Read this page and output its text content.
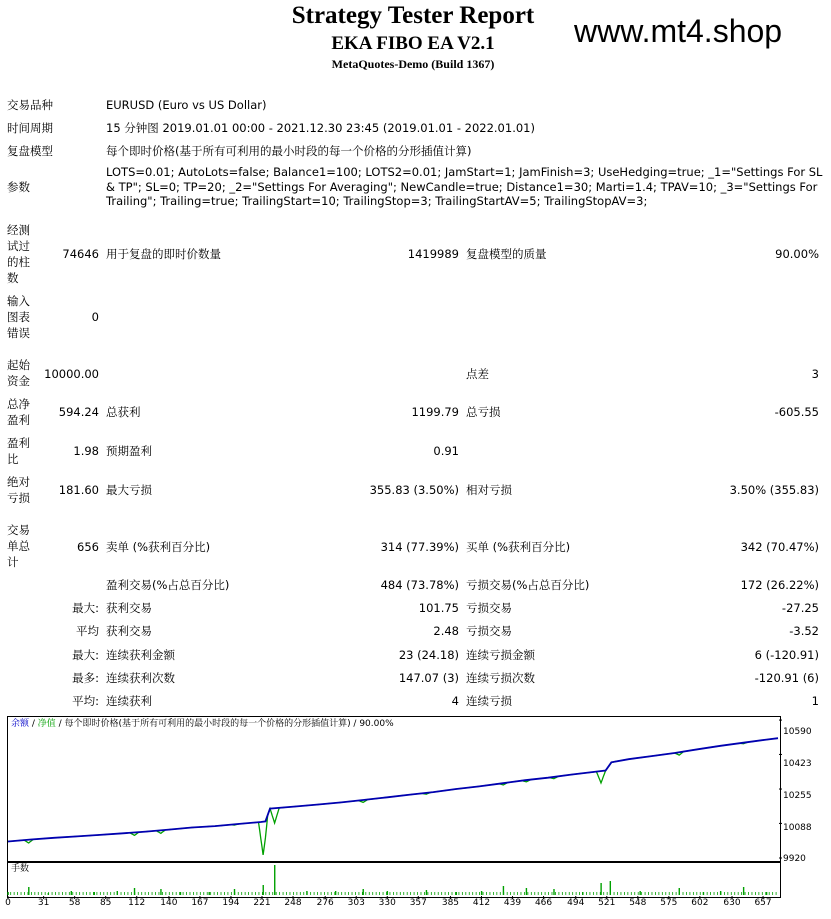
Strategy Tester Report
EKA FIBO EA V2.1
MetaQuotes-Demo (Build 1367)
www.mt4.shop
交易品种	EURUSD (Euro vs US Dollar)
时间周期	15 分钟图 2019.01.01 00:00 - 2021.12.30 23:45 (2019.01.01 - 2022.01.01)
复盘模型	每个即时价格(基于所有可利用的最小时段的每一个价格的分形插值计算)
参数
LOTS=0.01; AutoLots=false; Balance1=100; LOTS2=0.01; JamStart=1; JamFinish=3; UseHedging=true; _1="Settings For SL & TP"; SL=0; TP=20; _2="Settings For Averaging"; NewCandle=true; Distance1=30; Marti=1.4; TPAV=10; _3="Settings For Trailing"; Trailing=true; TrailingStart=10; TrailingStop=3; TrailingStartAV=5; TrailingStopAV=3;
经测
试过
的柱
数
74646 用于复盘的即时价数量	1419989 复盘模型的质量	90.00%
输入
图表
错误
0
起始
资金	10000.00	点差	3
总净
盈利
594.24 总获利	1199.79 总亏损	-605.55
盈利
比
1.98 预期盈利	0.91
绝对
亏损
181.60 最大亏损	355.83 (3.50%) 相对亏损	3.50% (355.83)
交易
单总
计
656 卖单 (%获利百分比)	314 (77.39%) 买单 (%获利百分比)	342 (70.47%)
盈利交易(%占总百分比)	484 (73.78%) 亏损交易(%占总百分比)	172 (26.22%)
最大: 获利交易	101.75 亏损交易	-27.25
平均 获利交易	2.48 亏损交易	-3.52
最大: 连续获利金额	23 (24.18) 连续亏损金额	6 (-120.91)
最多: 连续获利次数	147.07 (3) 连续亏损次数	-120.91 (6)
平均: 连续获利	4 连续亏损	1
余额 / 净值 / 每个即时价格(基于所有可利用的最小时段的每一个价格的分形插值计算) / 90.00%
10590
10423
10255
10088
9920
手数
0	31	58	85	112	140	167	194	221	248	276	303	330	357	385	412	439	466	494	521	548	575	602	630	657
